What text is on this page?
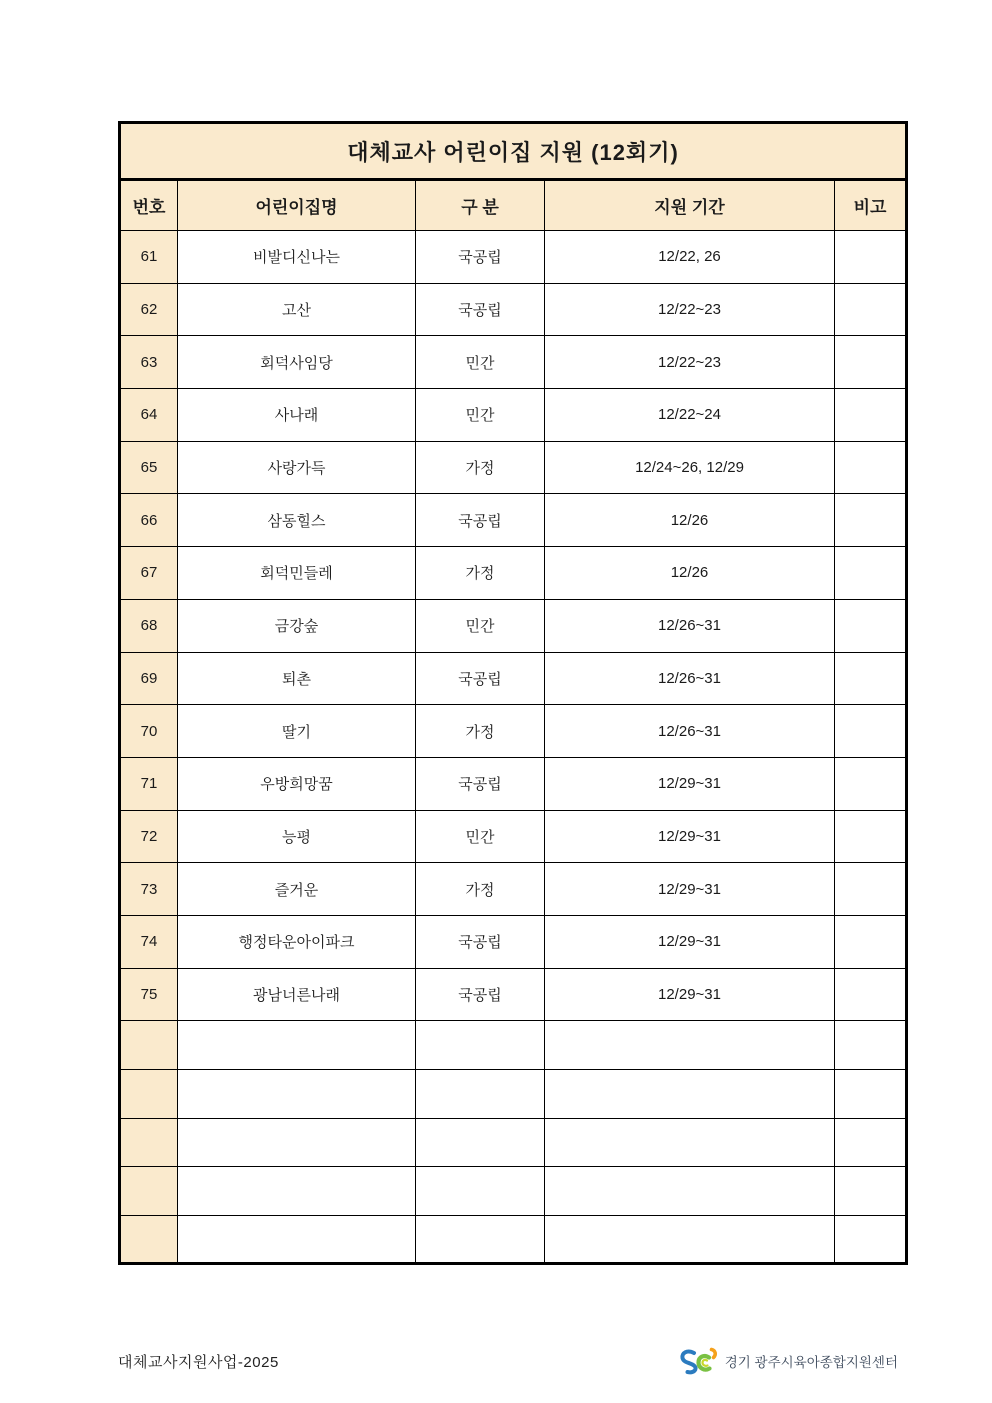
대체교사 어린이집 지원 (12회기)				
번호	어린이집명	구 분	지원 기간	비고
61	비발디신나는	국공립	12/22, 26	
62	고산	국공립	12/22~23	
63	회덕사임당	민간	12/22~23	
64	사나래	민간	12/22~24	
65	사랑가득	가정	12/24~26, 12/29	
66	삼동힐스	국공립	12/26	
67	회덕민들레	가정	12/26	
68	금강숲	민간	12/26~31	
69	퇴촌	국공립	12/26~31	
70	딸기	가정	12/26~31	
71	우방희망꿈	국공립	12/29~31	
72	능평	민간	12/29~31	
73	즐거운	가정	12/29~31	
74	행정타운아이파크	국공립	12/29~31	
75	광남너른나래	국공립	12/29~31	

대체교사지원사업-2025	경기 광주시육아종합지원센터
